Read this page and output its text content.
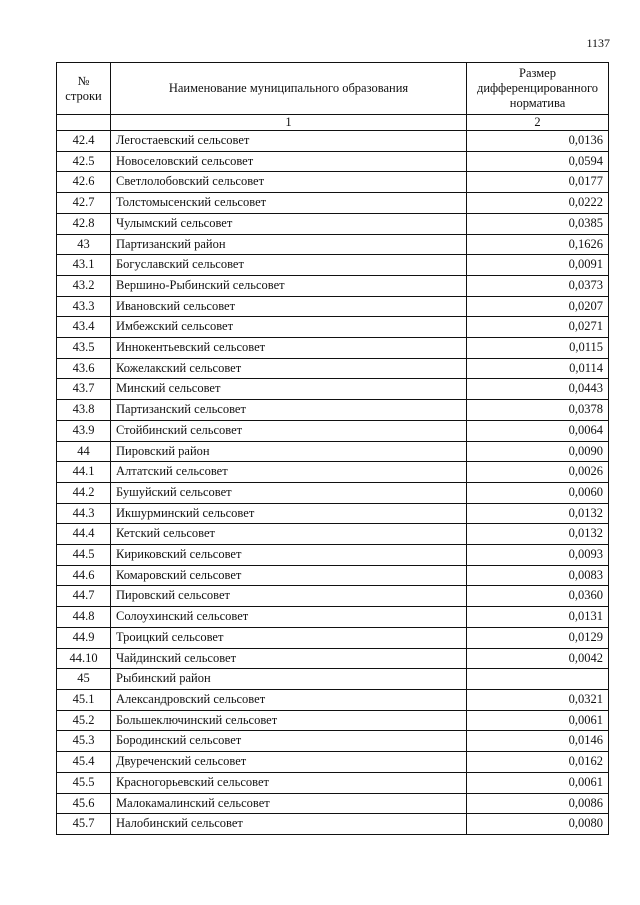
1137
№ строки	Наименование муниципального образования	Размер дифференцированного норматива
	1	2
42.4	Легостаевский сельсовет	0,0136
42.5	Новоселовский сельсовет	0,0594
42.6	Светлолобовский сельсовет	0,0177
42.7	Толстомысенский сельсовет	0,0222
42.8	Чулымский сельсовет	0,0385
43	Партизанский район	0,1626
43.1	Богуславский сельсовет	0,0091
43.2	Вершино-Рыбинский сельсовет	0,0373
43.3	Ивановский сельсовет	0,0207
43.4	Имбежский сельсовет	0,0271
43.5	Иннокентьевский сельсовет	0,0115
43.6	Кожелакский сельсовет	0,0114
43.7	Минский сельсовет	0,0443
43.8	Партизанский сельсовет	0,0378
43.9	Стойбинский сельсовет	0,0064
44	Пировский район	0,0090
44.1	Алтатский сельсовет	0,0026
44.2	Бушуйский сельсовет	0,0060
44.3	Икшурминский сельсовет	0,0132
44.4	Кетский сельсовет	0,0132
44.5	Кириковский сельсовет	0,0093
44.6	Комаровский сельсовет	0,0083
44.7	Пировский сельсовет	0,0360
44.8	Солоухинский сельсовет	0,0131
44.9	Троицкий сельсовет	0,0129
44.10	Чайдинский сельсовет	0,0042
45	Рыбинский район	
45.1	Александровский сельсовет	0,0321
45.2	Большеключинский сельсовет	0,0061
45.3	Бородинский сельсовет	0,0146
45.4	Двуреченский сельсовет	0,0162
45.5	Красногорьевский сельсовет	0,0061
45.6	Малокамалинский сельсовет	0,0086
45.7	Налобинский сельсовет	0,0080
